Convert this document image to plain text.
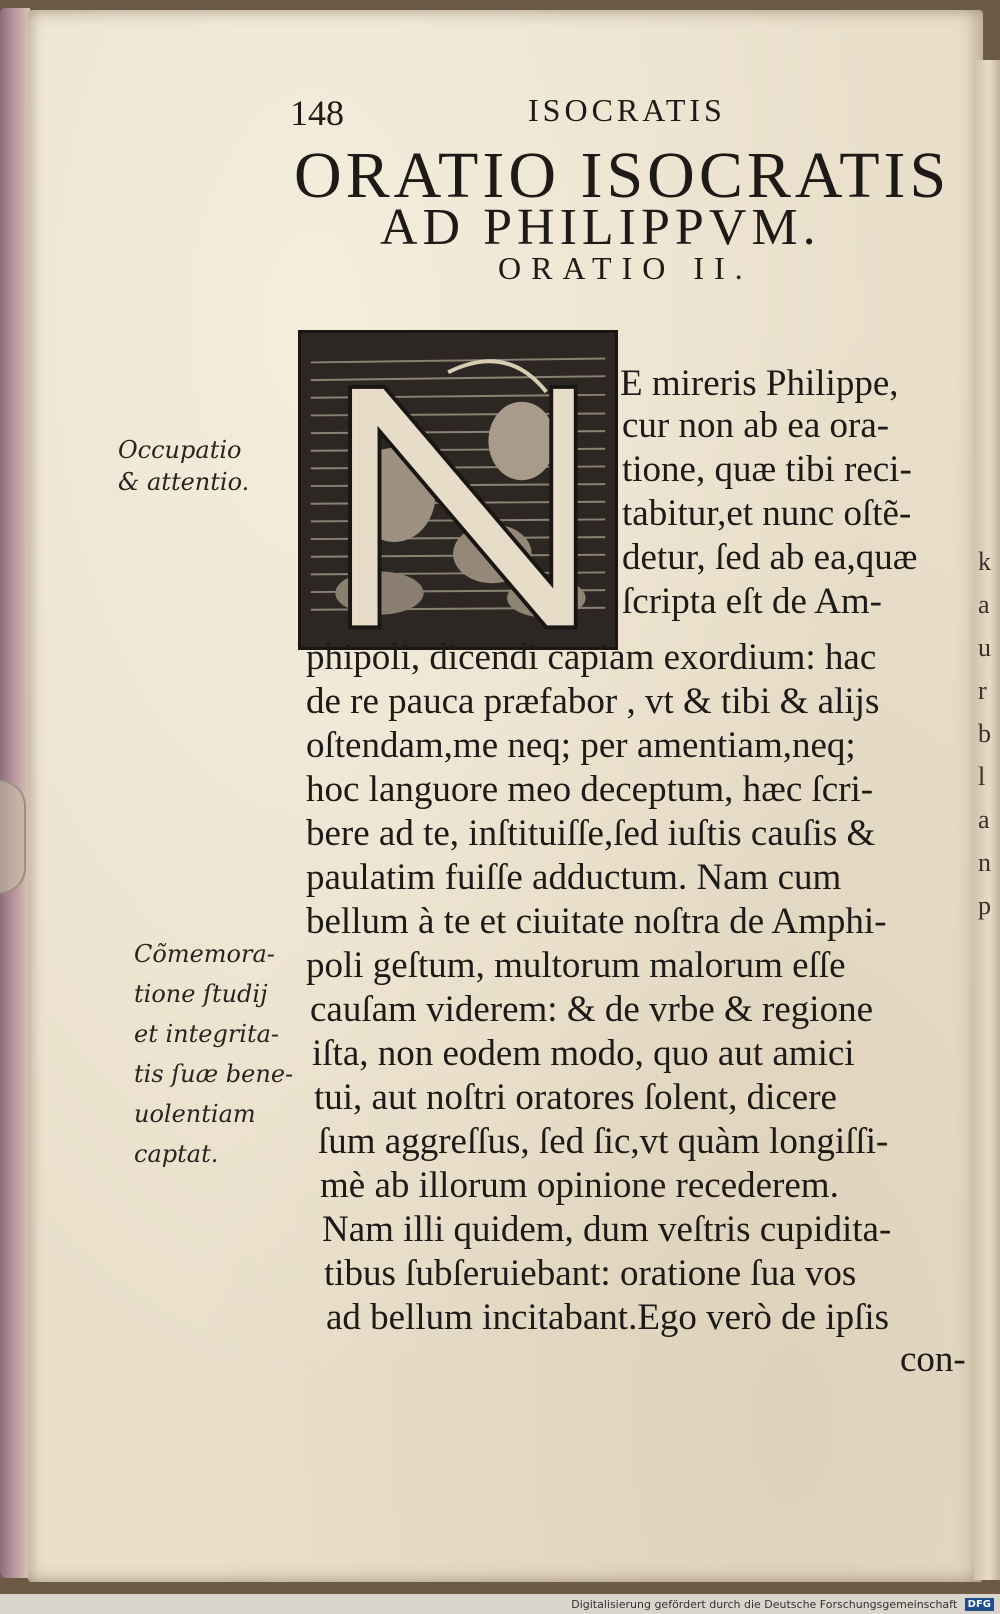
k
a
u
r
b
l
a
n
p
148	ISOCRATIS
ORATIO ISOCRATIS
AD PHILIPPVM.
ORATIO II.
E mireris Philippe,
cur non ab ea ora-
tione, quæ tibi reci-
tabitur,et nunc oſtẽ-
detur, ſed ab ea,quæ
ſcripta eſt de Am-
phipoli, dicendi capiam exordium: hac
de re pauca præfabor , vt & tibi & alijs
oſtendam,me neq; per amentiam,neq;
hoc languore meo deceptum, hæc ſcri-
bere ad te, inſtituiſſe,ſed iuſtis cauſis &
paulatim fuiſſe adductum. Nam cum
bellum à te et ciuitate noſtra de Amphi-
poli geſtum, multorum malorum eſſe
cauſam viderem: & de vrbe & regione
iſta, non eodem modo, quo aut amici
tui, aut noſtri oratores ſolent, dicere
ſum aggreſſus, ſed ſic,vt quàm longiſſi-
mè ab illorum opinione recederem.
Nam illi quidem, dum veſtris cupidita-
tibus ſubſeruiebant: oratione ſua vos
ad bellum incitabant.Ego verò de ipſis
con-
Occupatio
& attentio.
Cõmemora-
tione ſtudij
et integrita-
tis ſuæ bene-
uolentiam
captat.
Digitalisierung gefördert durch die Deutsche Forschungsgemeinschaft DFG
